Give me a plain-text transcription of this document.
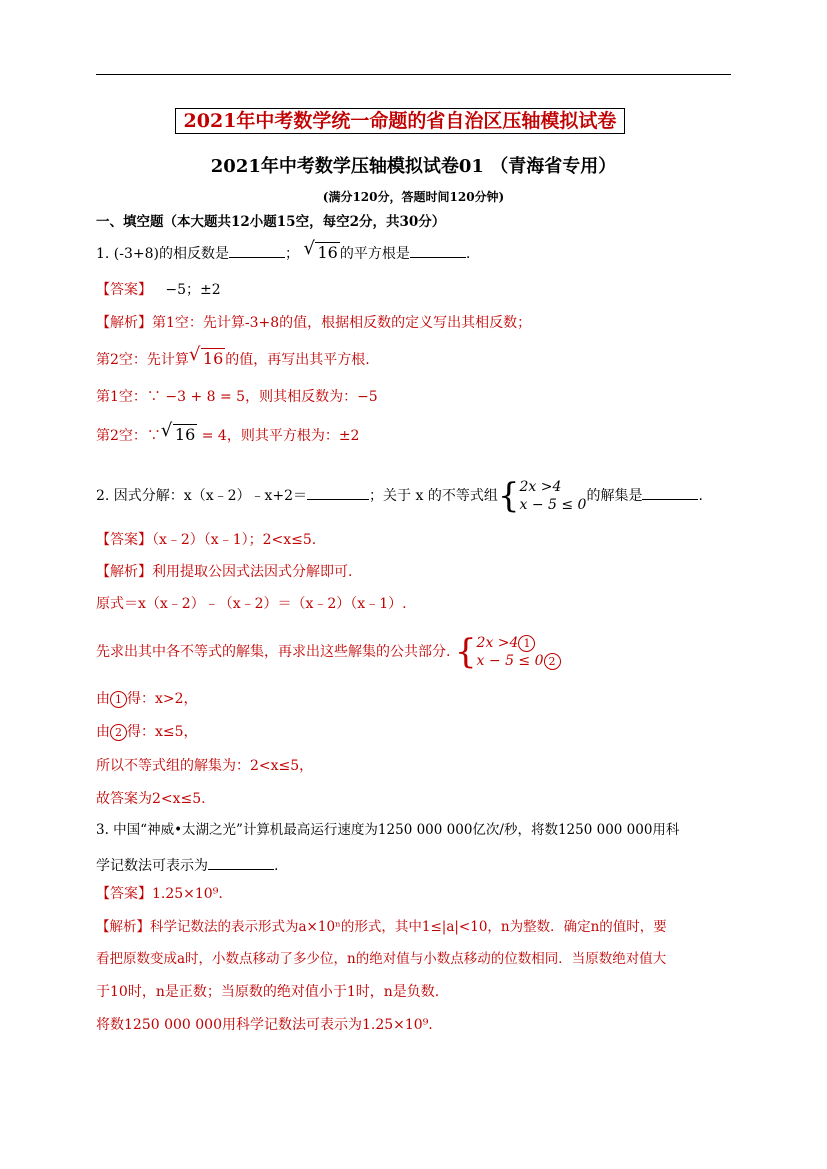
2021年中考数学统一命题的省自治区压轴模拟试卷
2021年中考数学压轴模拟试卷01 （青海省专用）
(满分120分，答题时间120分钟)
一、填空题（本大题共12小题15空，每空2分，共30分）
1. (-3+8)的相反数是	； √ 16 的平方根是	.
【答案】 −5；±2
【解析】第1空：先计算-3+8的值，根据相反数的定义写出其相反数；
第2空：先计算 √ 16 的值，再写出其平方根.
第1空：∵ −3 + 8 = 5，则其相反数为：−5
第2空：∵ √ 16 = 4，则其平方根为：±2
2. 因式分解：x（x﹣2）﹣x+2＝	；关于 x 的不等式组{2x >4
x − 5 ≤ 0的解集是	.
【答案】（x﹣2）（x﹣1）；2<x≤5.
【解析】利用提取公因式法因式分解即可.
原式＝x（x﹣2）﹣（x﹣2）＝（x﹣2）（x﹣1）.
先求出其中各不等式的解集，再求出这些解集的公共部分. {2x >4 1
x − 5 ≤ 0 2
由 1 得：x>2，
由 2 得：x≤5，
所以不等式组的解集为：2<x≤5，
故答案为2<x≤5.
3. 中国“神威•太湖之光”计算机最高运行速度为1250 000 000亿次/秒，将数1250 000 000用科
学记数法可表示为	.
【答案】1.25×10⁹.
【解析】科学记数法的表示形式为a×10ⁿ的形式，其中1≤|a|<10，n为整数．确定n的值时，要
看把原数变成a时，小数点移动了多少位，n的绝对值与小数点移动的位数相同．当原数绝对值大
于10时，n是正数；当原数的绝对值小于1时，n是负数.
将数1250 000 000用科学记数法可表示为1.25×10⁹.
